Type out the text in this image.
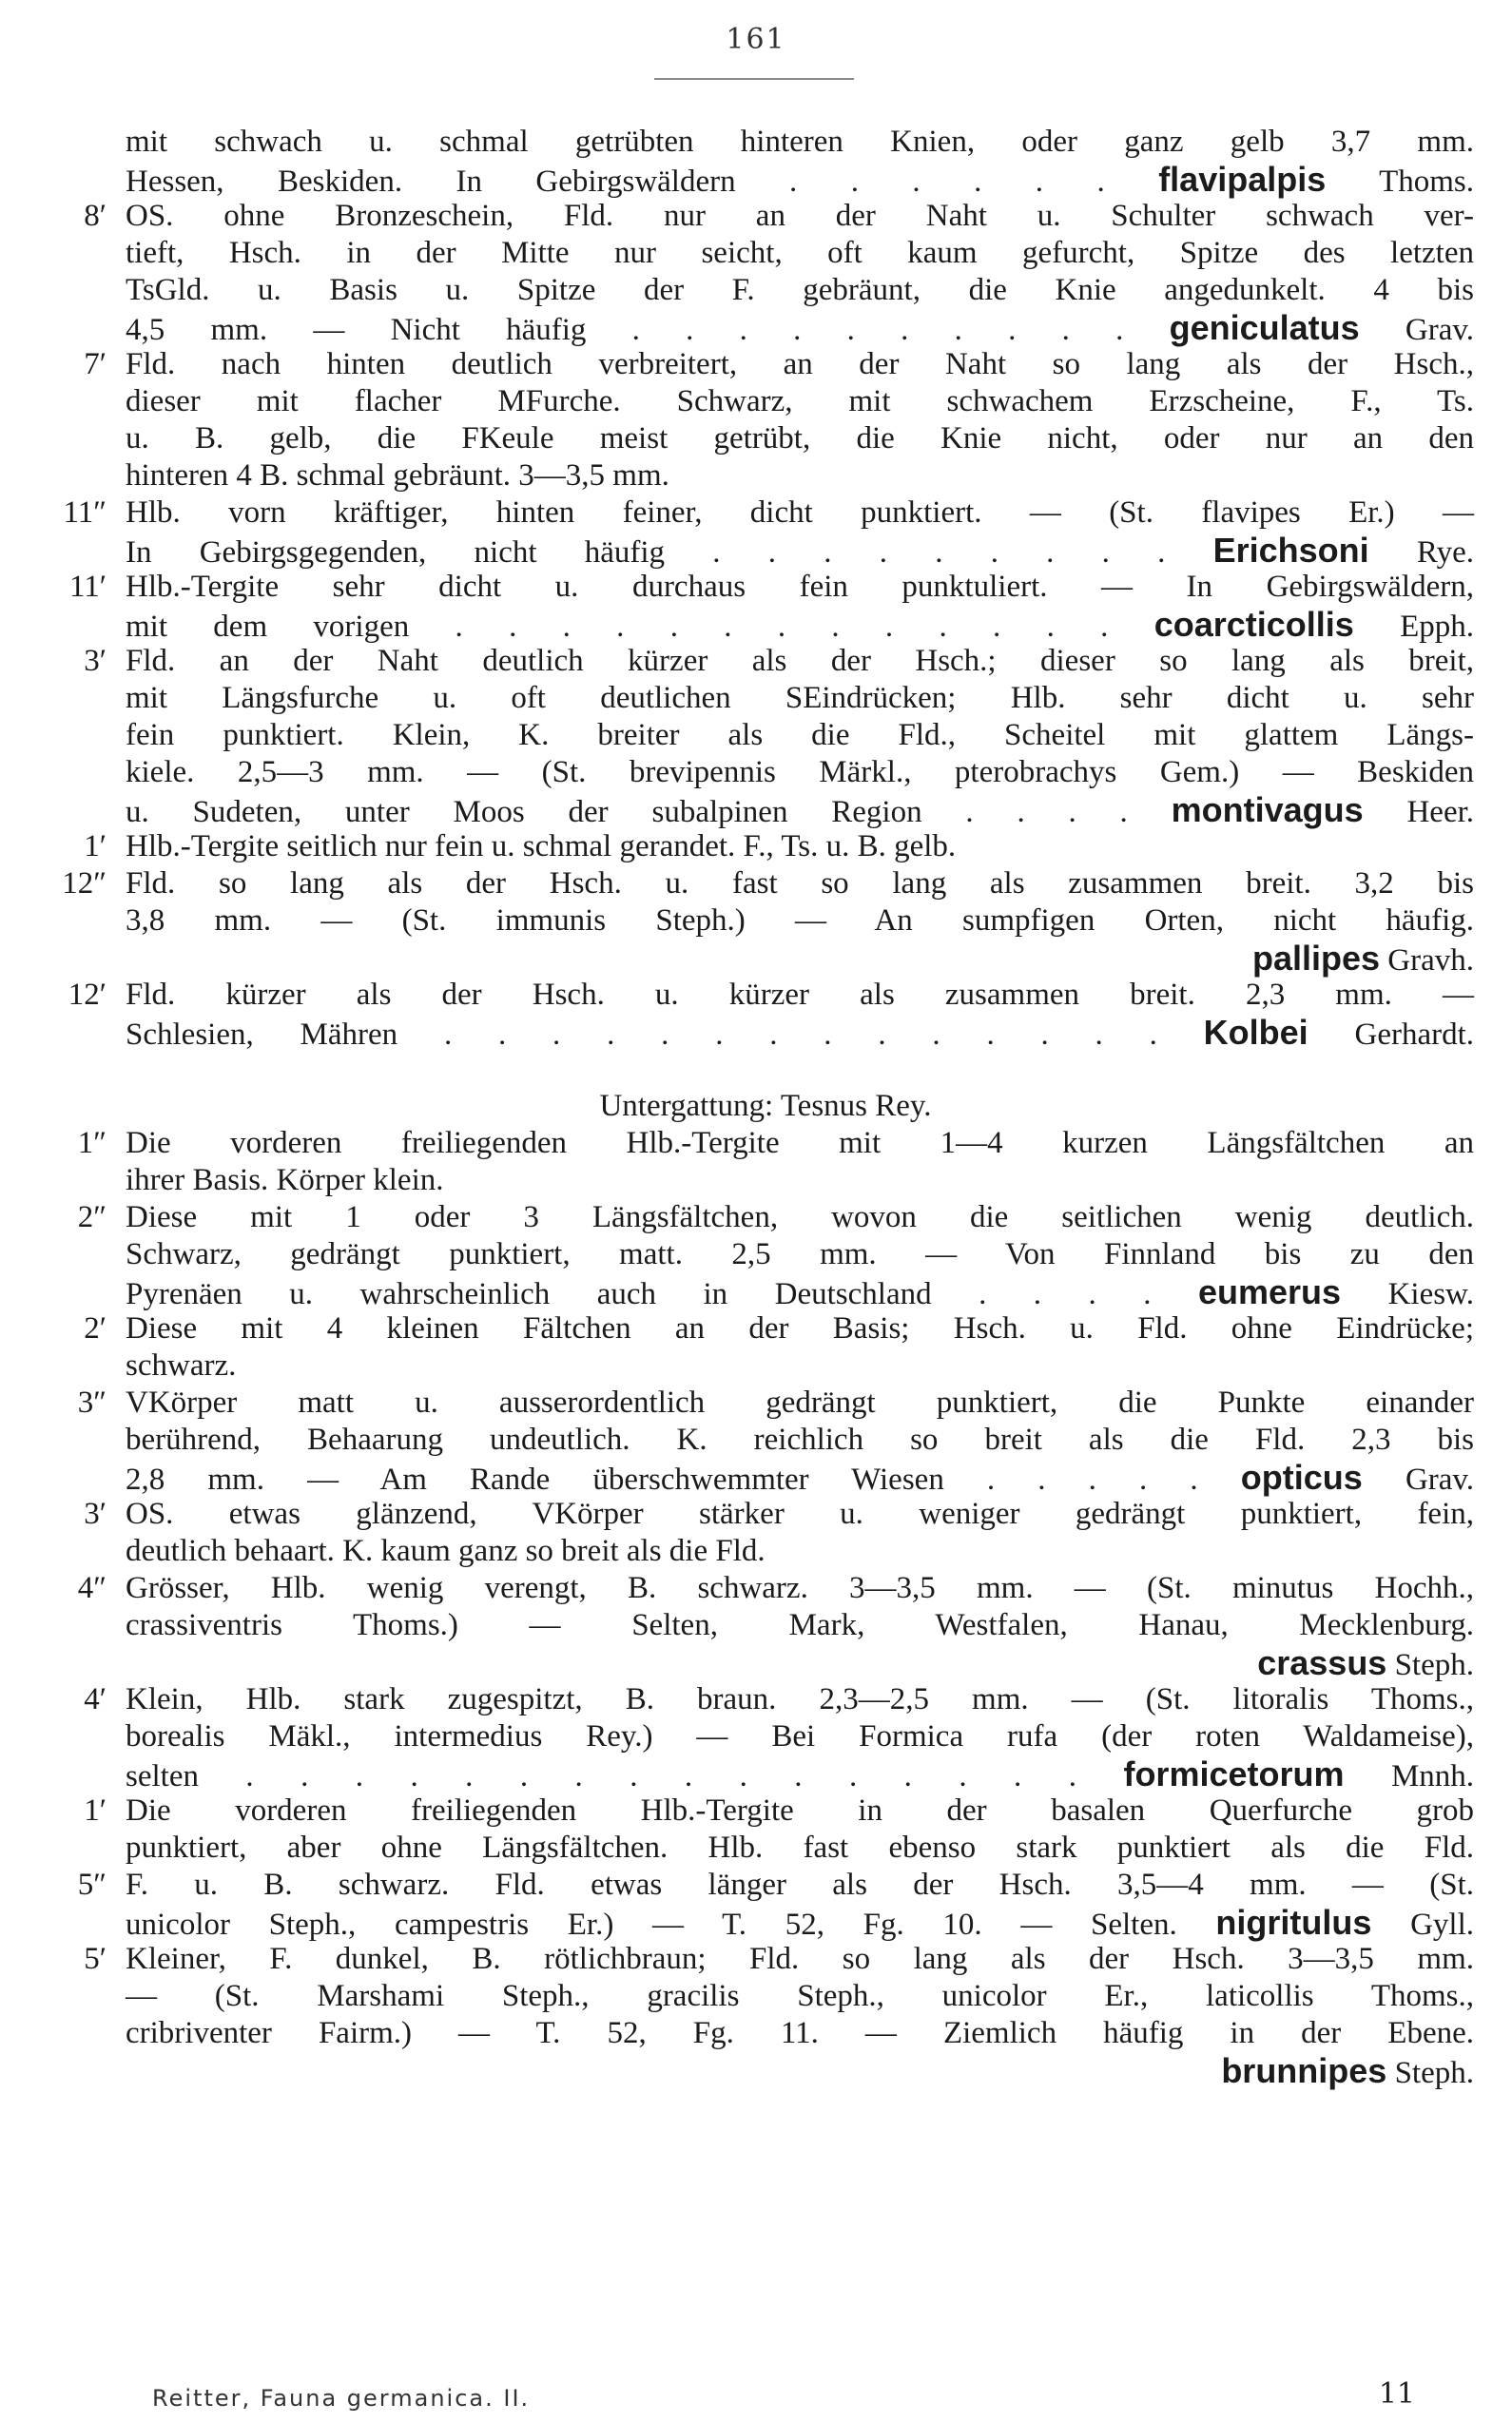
161
mit schwach u. schmal getrübten hinteren Knien, oder ganz gelb 3,7 mm.
Hessen, Beskiden. In Gebirgswäldern . . . . . . flavipalpis Thoms.
8′ OS. ohne Bronzeschein, Fld. nur an der Naht u. Schulter schwach ver-
tieft, Hsch. in der Mitte nur seicht, oft kaum gefurcht, Spitze des letzten
TsGld. u. Basis u. Spitze der F. gebräunt, die Knie angedunkelt. 4 bis
4,5 mm. — Nicht häufig . . . . . . . . . . geniculatus Grav.
7′ Fld. nach hinten deutlich verbreitert, an der Naht so lang als der Hsch.,
dieser mit flacher MFurche. Schwarz, mit schwachem Erzscheine, F., Ts.
u. B. gelb, die FKeule meist getrübt, die Knie nicht, oder nur an den
hinteren 4 B. schmal gebräunt. 3—3,5 mm.
11″ Hlb. vorn kräftiger, hinten feiner, dicht punktiert. — (St. flavipes Er.) —
In Gebirgsgegenden, nicht häufig . . . . . . . . . Erichsoni Rye.
11′ Hlb.-Tergite sehr dicht u. durchaus fein punktuliert. — In Gebirgswäldern,
mit dem vorigen . . . . . . . . . . . . . coarcticollis Epph.
3′ Fld. an der Naht deutlich kürzer als der Hsch.; dieser so lang als breit,
mit Längsfurche u. oft deutlichen SEindrücken; Hlb. sehr dicht u. sehr
fein punktiert. Klein, K. breiter als die Fld., Scheitel mit glattem Längs-
kiele. 2,5—3 mm. — (St. brevipennis Märkl., pterobrachys Gem.) — Beskiden
u. Sudeten, unter Moos der subalpinen Region . . . . montivagus Heer.
1′ Hlb.-Tergite seitlich nur fein u. schmal gerandet. F., Ts. u. B. gelb.
12″ Fld. so lang als der Hsch. u. fast so lang als zusammen breit. 3,2 bis
3,8 mm. — (St. immunis Steph.) — An sumpfigen Orten, nicht häufig.
pallipes Gravh.
12′ Fld. kürzer als der Hsch. u. kürzer als zusammen breit. 2,3 mm. —
Schlesien, Mähren . . . . . . . . . . . . . . Kolbei Gerhardt.
Untergattung: Tesnus Rey.
1″ Die vorderen freiliegenden Hlb.-Tergite mit 1—4 kurzen Längsfältchen an
ihrer Basis. Körper klein.
2″ Diese mit 1 oder 3 Längsfältchen, wovon die seitlichen wenig deutlich.
Schwarz, gedrängt punktiert, matt. 2,5 mm. — Von Finnland bis zu den
Pyrenäen u. wahrscheinlich auch in Deutschland . . . . eumerus Kiesw.
2′ Diese mit 4 kleinen Fältchen an der Basis; Hsch. u. Fld. ohne Eindrücke;
schwarz.
3″ VKörper matt u. ausserordentlich gedrängt punktiert, die Punkte einander
berührend, Behaarung undeutlich. K. reichlich so breit als die Fld. 2,3 bis
2,8 mm. — Am Rande überschwemmter Wiesen . . . . . opticus Grav.
3′ OS. etwas glänzend, VKörper stärker u. weniger gedrängt punktiert, fein,
deutlich behaart. K. kaum ganz so breit als die Fld.
4″ Grösser, Hlb. wenig verengt, B. schwarz. 3—3,5 mm. — (St. minutus Hochh.,
crassiventris Thoms.) — Selten, Mark, Westfalen, Hanau, Mecklenburg.
crassus Steph.
4′ Klein, Hlb. stark zugespitzt, B. braun. 2,3—2,5 mm. — (St. litoralis Thoms.,
borealis Mäkl., intermedius Rey.) — Bei Formica rufa (der roten Waldameise),
selten . . . . . . . . . . . . . . . . formicetorum Mnnh.
1′ Die vorderen freiliegenden Hlb.-Tergite in der basalen Querfurche grob
punktiert, aber ohne Längsfältchen. Hlb. fast ebenso stark punktiert als die Fld.
5″ F. u. B. schwarz. Fld. etwas länger als der Hsch. 3,5—4 mm. — (St.
unicolor Steph., campestris Er.) — T. 52, Fg. 10. — Selten. nigritulus Gyll.
5′ Kleiner, F. dunkel, B. rötlichbraun; Fld. so lang als der Hsch. 3—3,5 mm.
— (St. Marshami Steph., gracilis Steph., unicolor Er., laticollis Thoms.,
cribriventer Fairm.) — T. 52, Fg. 11. — Ziemlich häufig in der Ebene.
brunnipes Steph.
Reitter, Fauna germanica. II.	11
